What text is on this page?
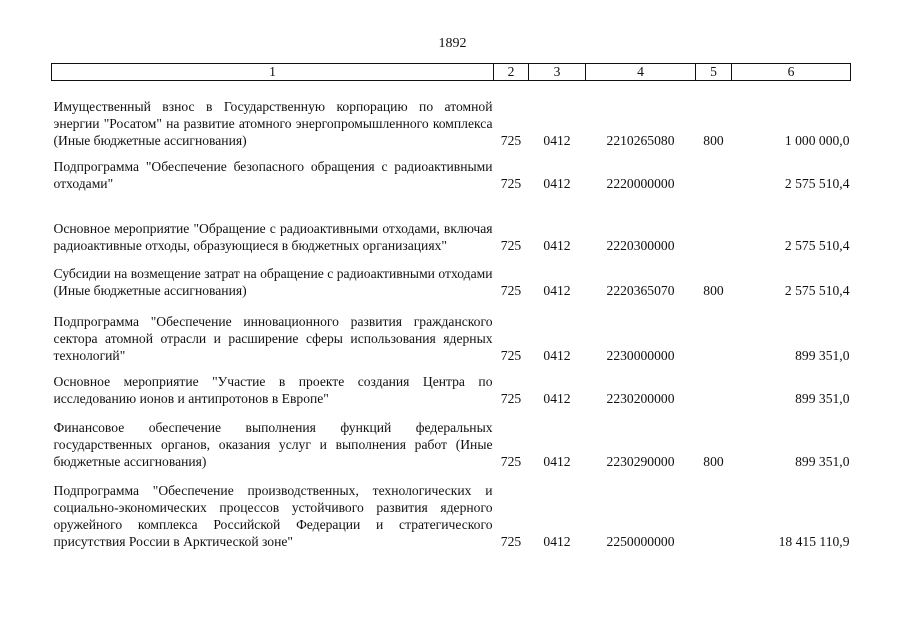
1892
1	2	3	4	5	6
Имущественный взнос в Государственную корпорацию по атомной энергии "Росатом" на развитие атомного энергопромышленного комплекса (Иные бюджетные ассигнования)	725	0412	2210265080	800	1 000 000,0
Подпрограмма "Обеспечение безопасного обращения с радиоактивными отходами"	725	0412	2220000000		2 575 510,4
Основное мероприятие "Обращение с радиоактивными отходами, включая радиоактивные отходы, образующиеся в бюджетных организациях"	725	0412	2220300000		2 575 510,4
Субсидии на возмещение затрат на обращение с радиоактивными отходами (Иные бюджетные ассигнования)	725	0412	2220365070	800	2 575 510,4
Подпрограмма "Обеспечение инновационного развития гражданского сектора атомной отрасли и расширение сферы использования ядерных технологий"	725	0412	2230000000		899 351,0
Основное мероприятие "Участие в проекте создания Центра по исследованию ионов и антипротонов в Европе"	725	0412	2230200000		899 351,0
Финансовое обеспечение выполнения функций федеральных государственных органов, оказания услуг и выполнения работ (Иные бюджетные ассигнования)	725	0412	2230290000	800	899 351,0
Подпрограмма "Обеспечение производственных, технологических и социально-экономических процессов устойчивого развития ядерного оружейного комплекса Российской Федерации и стратегического присутствия России в Арктической зоне"	725	0412	2250000000		18 415 110,9
